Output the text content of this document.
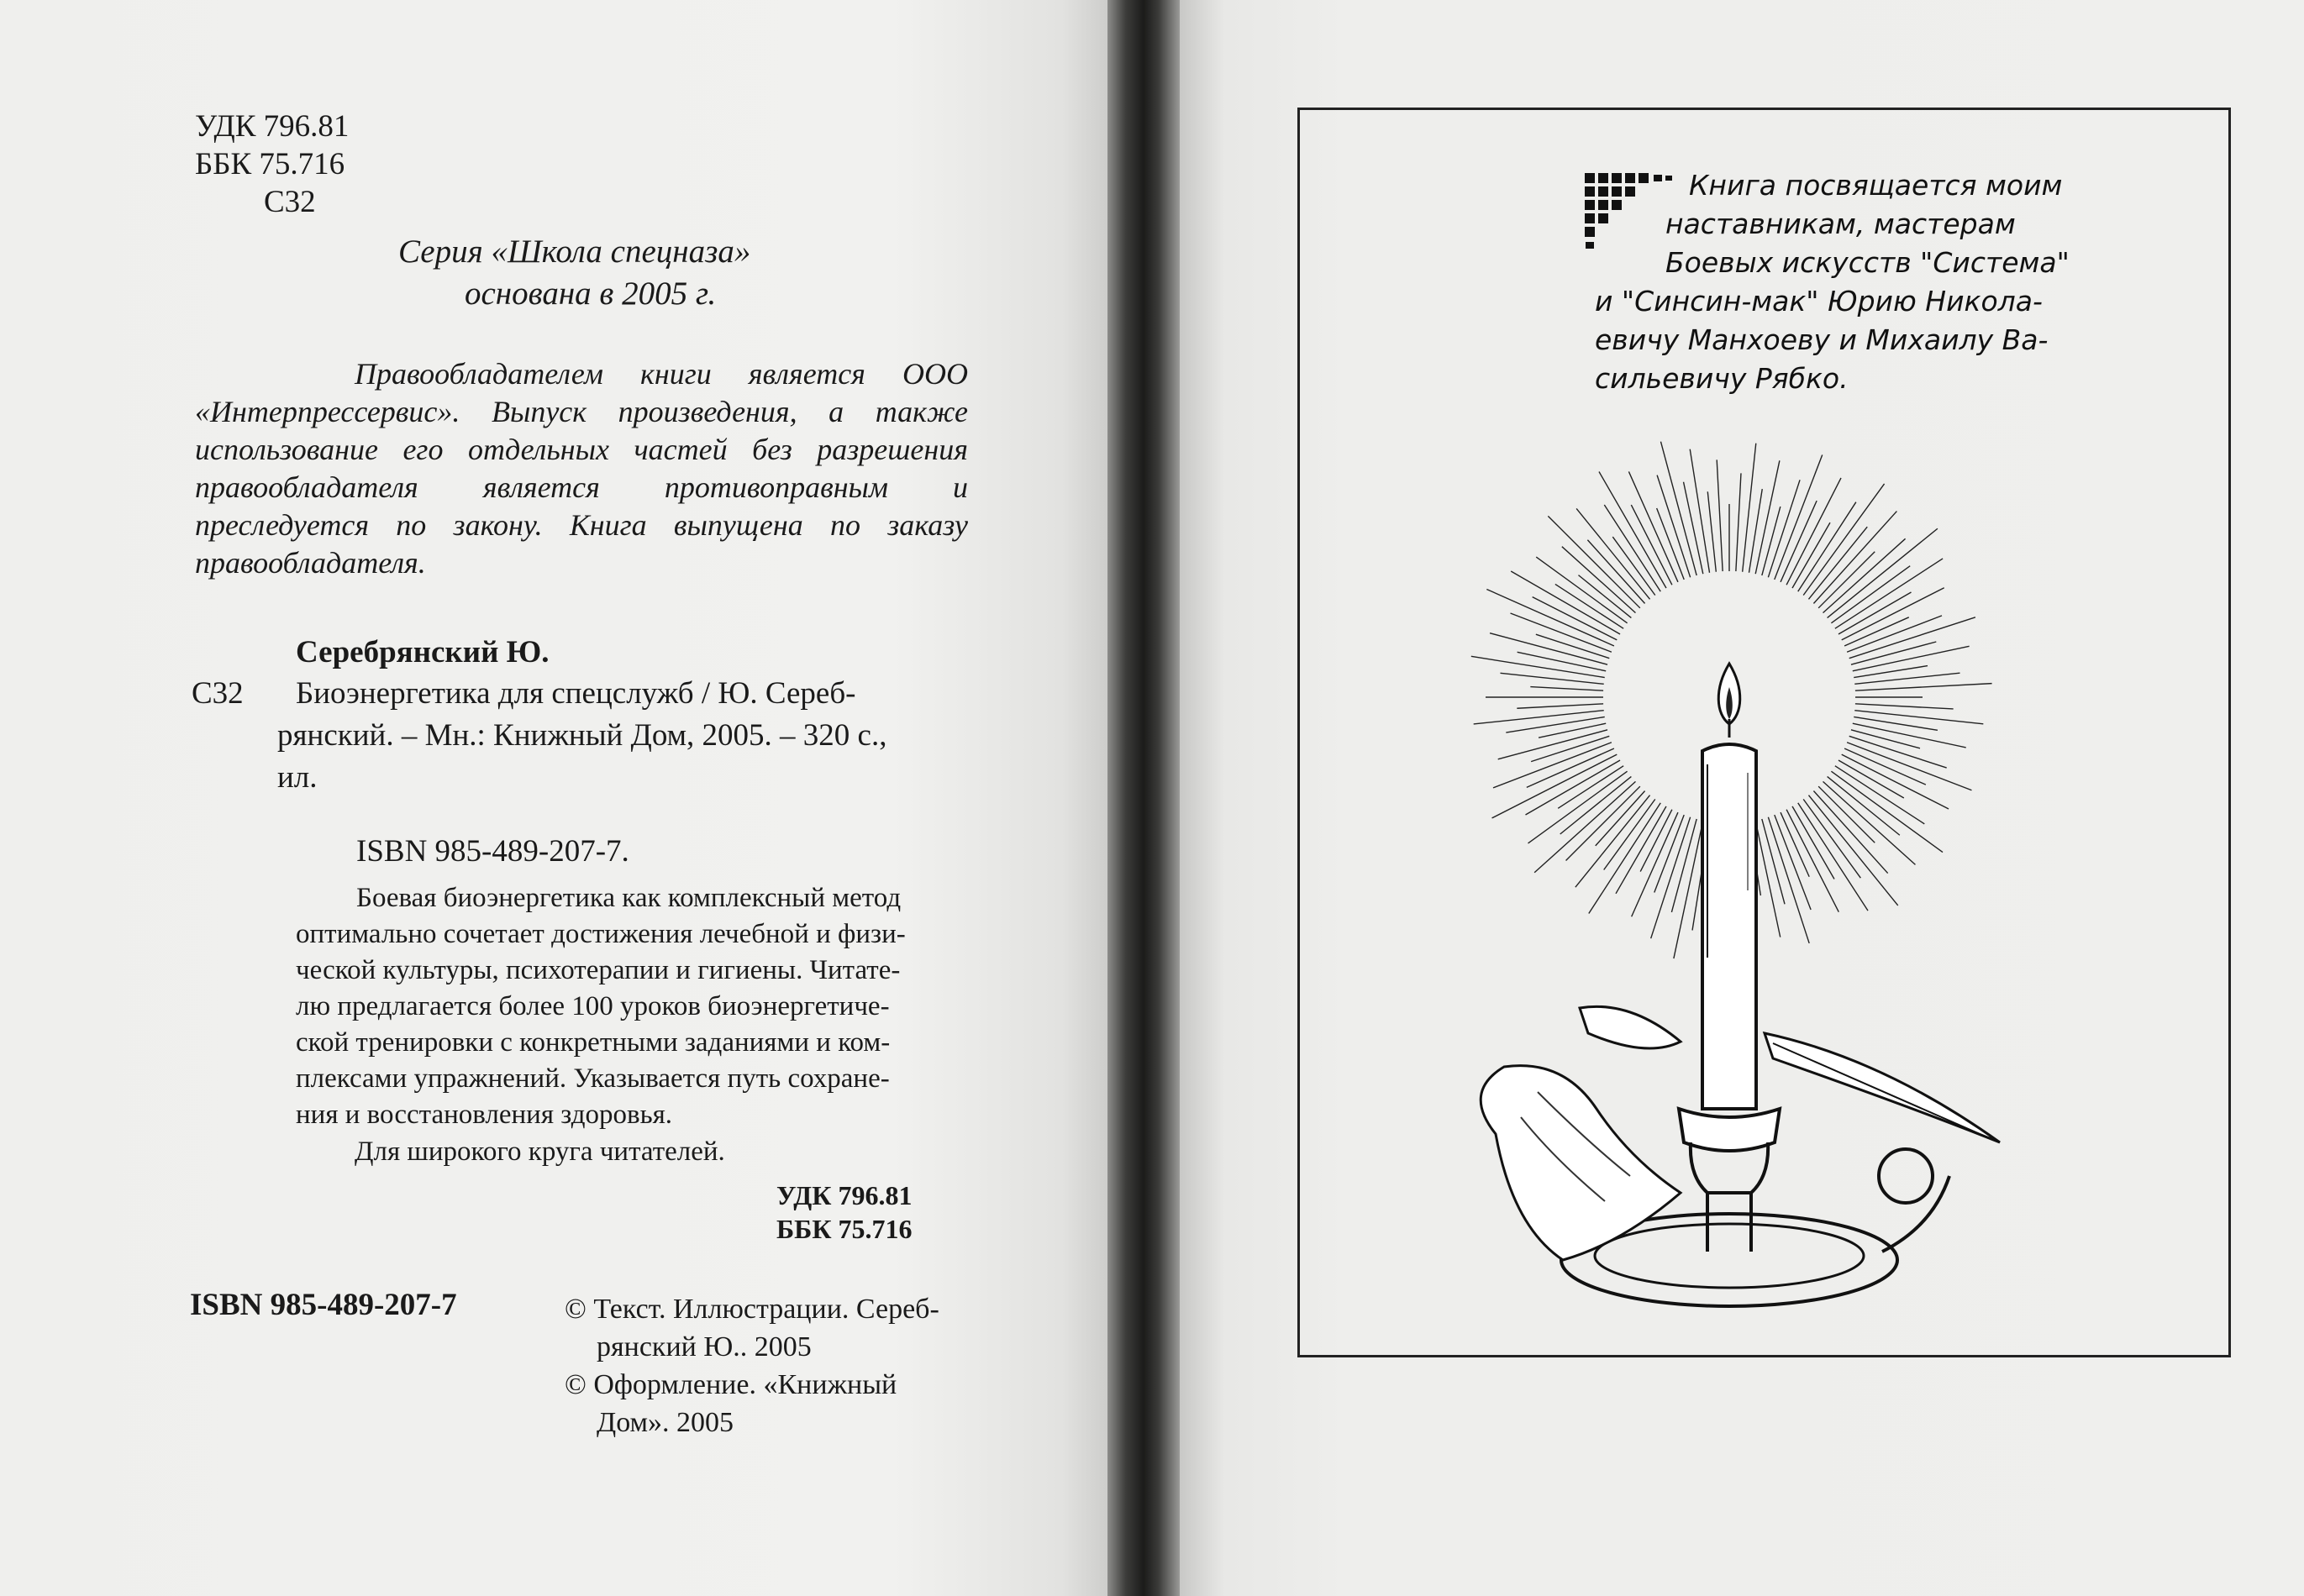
УДК 796.81
ББК 75.716
С32
Серия «Школа спецназа»
основана в 2005 г.
Правообладателем книги является ООО «Интерпрессервис». Выпуск произведения, а также использование его отдельных частей без разрешения правообладателя является противоправным и преследуется по закону. Книга выпущена по заказу правообладателя.
Серебрянский Ю.
С32 Биоэнергетика для спецслужб / Ю. Сереб-
рянский. – Мн.: Книжный Дом, 2005. – 320 с.,
ил.
ISBN 985-489-207-7.
Боевая биоэнергетика как комплексный метод
оптимально сочетает достижения лечебной и физи-
ческой культуры, психотерапии и гигиены. Читате-
лю предлагается более 100 уроков биоэнергетиче-
ской тренировки с конкретными заданиями и ком-
плексами упражнений. Указывается путь сохране-
ния и восстановления здоровья.
Для широкого круга читателей.
УДК 796.81
ББК 75.716
ISBN 985-489-207-7	© Текст. Иллюстрации. Сереб-
рянский Ю.. 2005
© Оформление. «Книжный
Дом». 2005
Книга посвящается моим
наставникам, мастерам
Боевых искусств "Система"
и "Синсин-мак" Юрию Никола-
евичу Манхоеву и Михаилу Ва-
сильевичу Рябко.
